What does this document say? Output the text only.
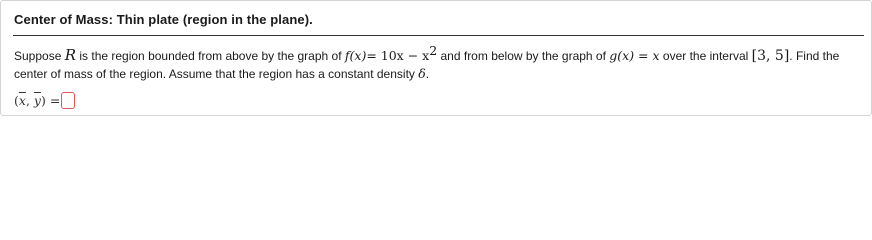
Center of Mass: Thin plate (region in the plane).
Suppose R is the region bounded from above by the graph of $f(x)= 10x - x^2$ and from below by the graph of g(x) = x over the interval [3, 5]. Find the center of mass of the region. Assume that the region has a constant density δ.
($\overline{x}$, $\overline{y}$) =
